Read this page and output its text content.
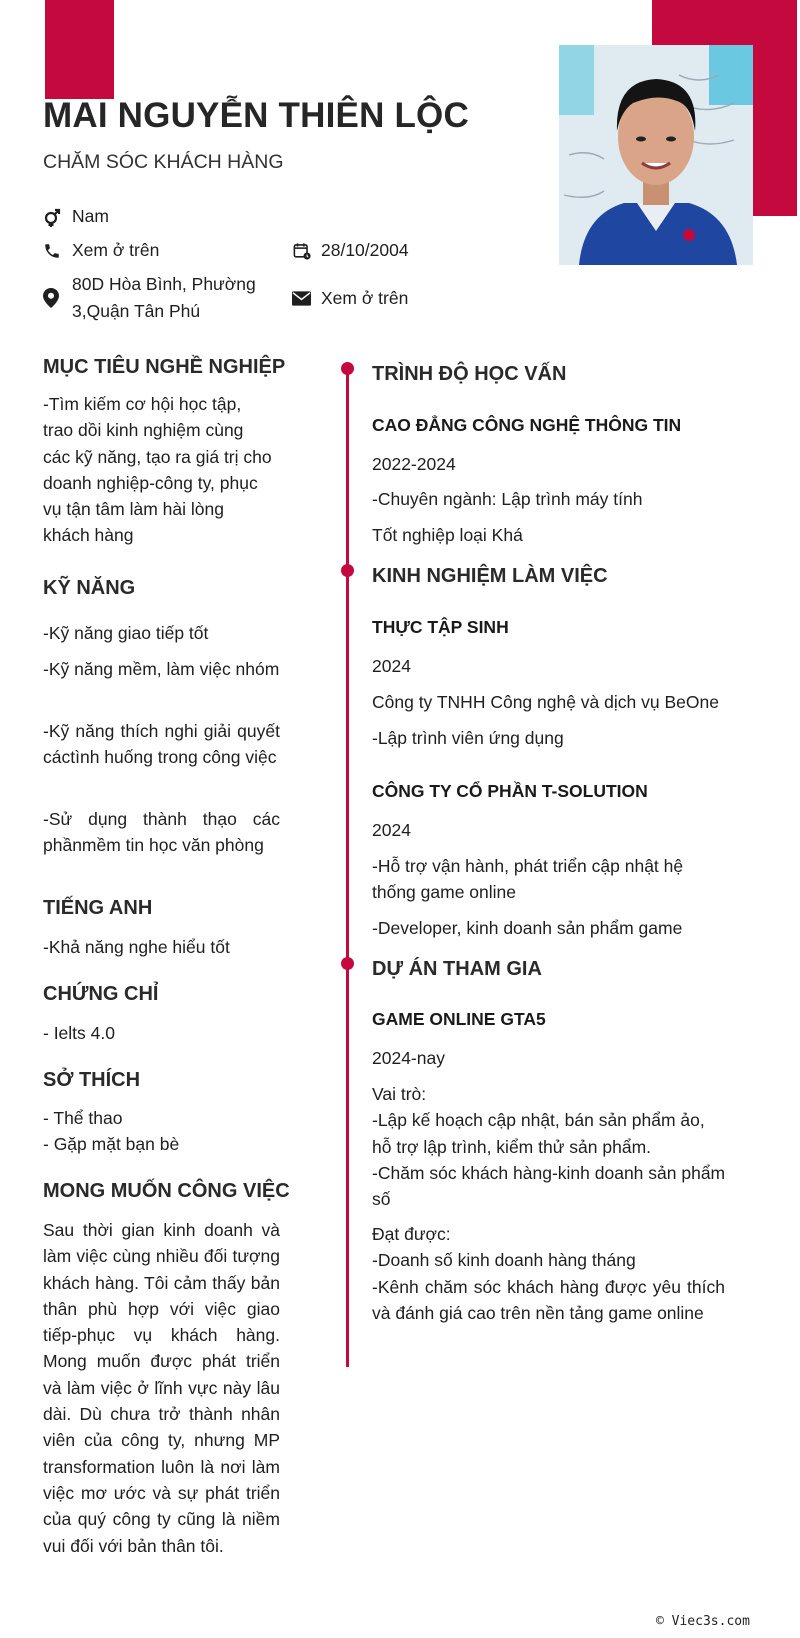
MAI NGUYỄN THIÊN LỘC
CHĂM SÓC KHÁCH HÀNG
Nam
Xem ở trên	28/10/2004
80D Hòa Bình, Phường
3,Quận Tân Phú
Xem ở trên
MỤC TIÊU NGHỀ NGHIỆP
-Tìm kiếm cơ hội học tập,
trao dồi kinh nghiệm cùng
các kỹ năng, tạo ra giá trị cho
doanh nghiệp-công ty, phục
vụ tận tâm làm hài lòng
khách hàng
KỸ NĂNG
-Kỹ năng giao tiếp tốt
-Kỹ năng mềm, làm việc nhóm
-Kỹ năng thích nghi giải quyết cáctình huống trong công việc
-Sử dụng thành thạo các phầnmềm tin học văn phòng
TIẾNG ANH
-Khả năng nghe hiểu tốt
CHỨNG CHỈ
- Ielts 4.0
SỞ THÍCH
- Thể thao
- Gặp mặt bạn bè
MONG MUỐN CÔNG VIỆC
Sau thời gian kinh doanh và làm việc cùng nhiều đối tượng khách hàng. Tôi cảm thấy bản thân phù hợp với việc giao tiếp-phục vụ khách hàng. Mong muốn được phát triển và làm việc ở lĩnh vực này lâu dài. Dù chưa trở thành nhân viên của công ty, nhưng MP transformation luôn là nơi làm việc mơ ước và sự phát triển của quý công ty cũng là niềm vui đối với bản thân tôi.
TRÌNH ĐỘ HỌC VẤN
CAO ĐẲNG CÔNG NGHỆ THÔNG TIN
2022-2024
-Chuyên ngành: Lập trình máy tính
Tốt nghiệp loại Khá
KINH NGHIỆM LÀM VIỆC
THỰC TẬP SINH
2024
Công ty TNHH Công nghệ và dịch vụ BeOne
-Lập trình viên ứng dụng
CÔNG TY CỔ PHẦN T-SOLUTION
2024
-Hỗ trợ vận hành, phát triển cập nhật hệ thống game online
-Developer, kinh doanh sản phẩm game
DỰ ÁN THAM GIA
GAME ONLINE GTA5
2024-nay
Vai trò:
-Lập kế hoạch cập nhật, bán sản phẩm ảo, hỗ trợ lập trình, kiểm thử sản phẩm.
-Chăm sóc khách hàng-kinh doanh sản phẩm số
Đạt được:
-Doanh số kinh doanh hàng tháng
-Kênh chăm sóc khách hàng được yêu thích và đánh giá cao trên nền tảng game online
© Viec3s.com
